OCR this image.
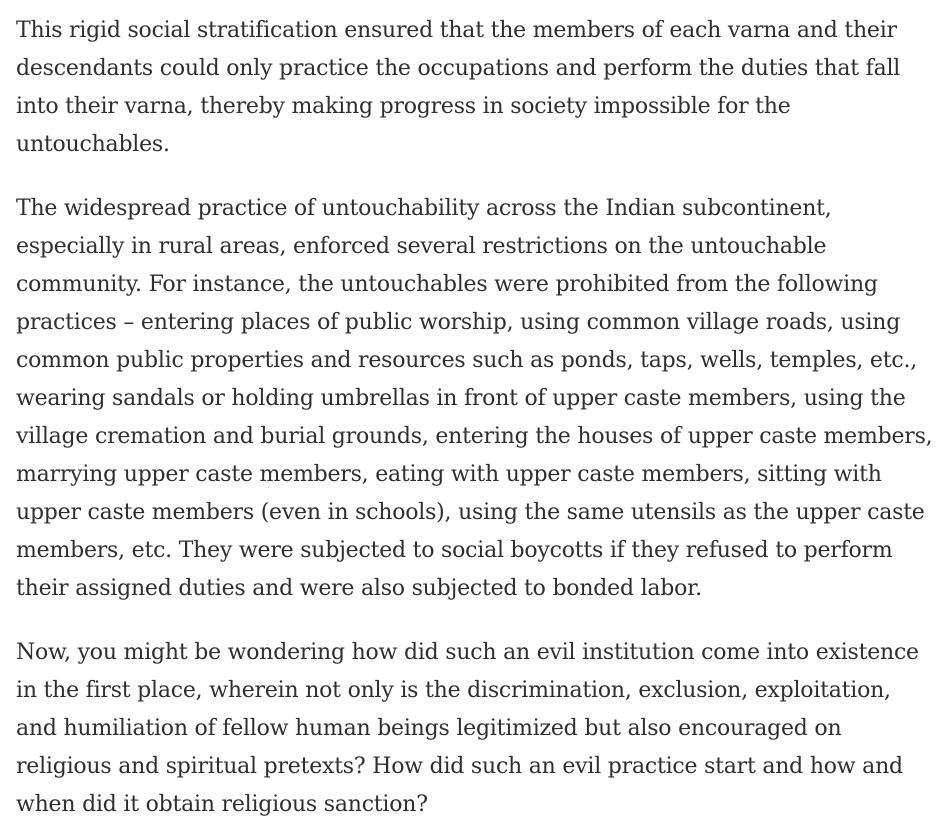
This rigid social stratification ensured that the members of each varna and their descendants could only practice the occupations and perform the duties that fall into their varna, thereby making progress in society impossible for the untouchables.

The widespread practice of untouchability across the Indian subcontinent, especially in rural areas, enforced several restrictions on the untouchable community. For instance, the untouchables were prohibited from the following practices – entering places of public worship, using common village roads, using common public properties and resources such as ponds, taps, wells, temples, etc., wearing sandals or holding umbrellas in front of upper caste members, using the village cremation and burial grounds, entering the houses of upper caste members, marrying upper caste members, eating with upper caste members, sitting with upper caste members (even in schools), using the same utensils as the upper caste members, etc. They were subjected to social boycotts if they refused to perform their assigned duties and were also subjected to bonded labor.

Now, you might be wondering how did such an evil institution come into existence in the first place, wherein not only is the discrimination, exclusion, exploitation, and humiliation of fellow human beings legitimized but also encouraged on religious and spiritual pretexts? How did such an evil practice start and how and when did it obtain religious sanction?
